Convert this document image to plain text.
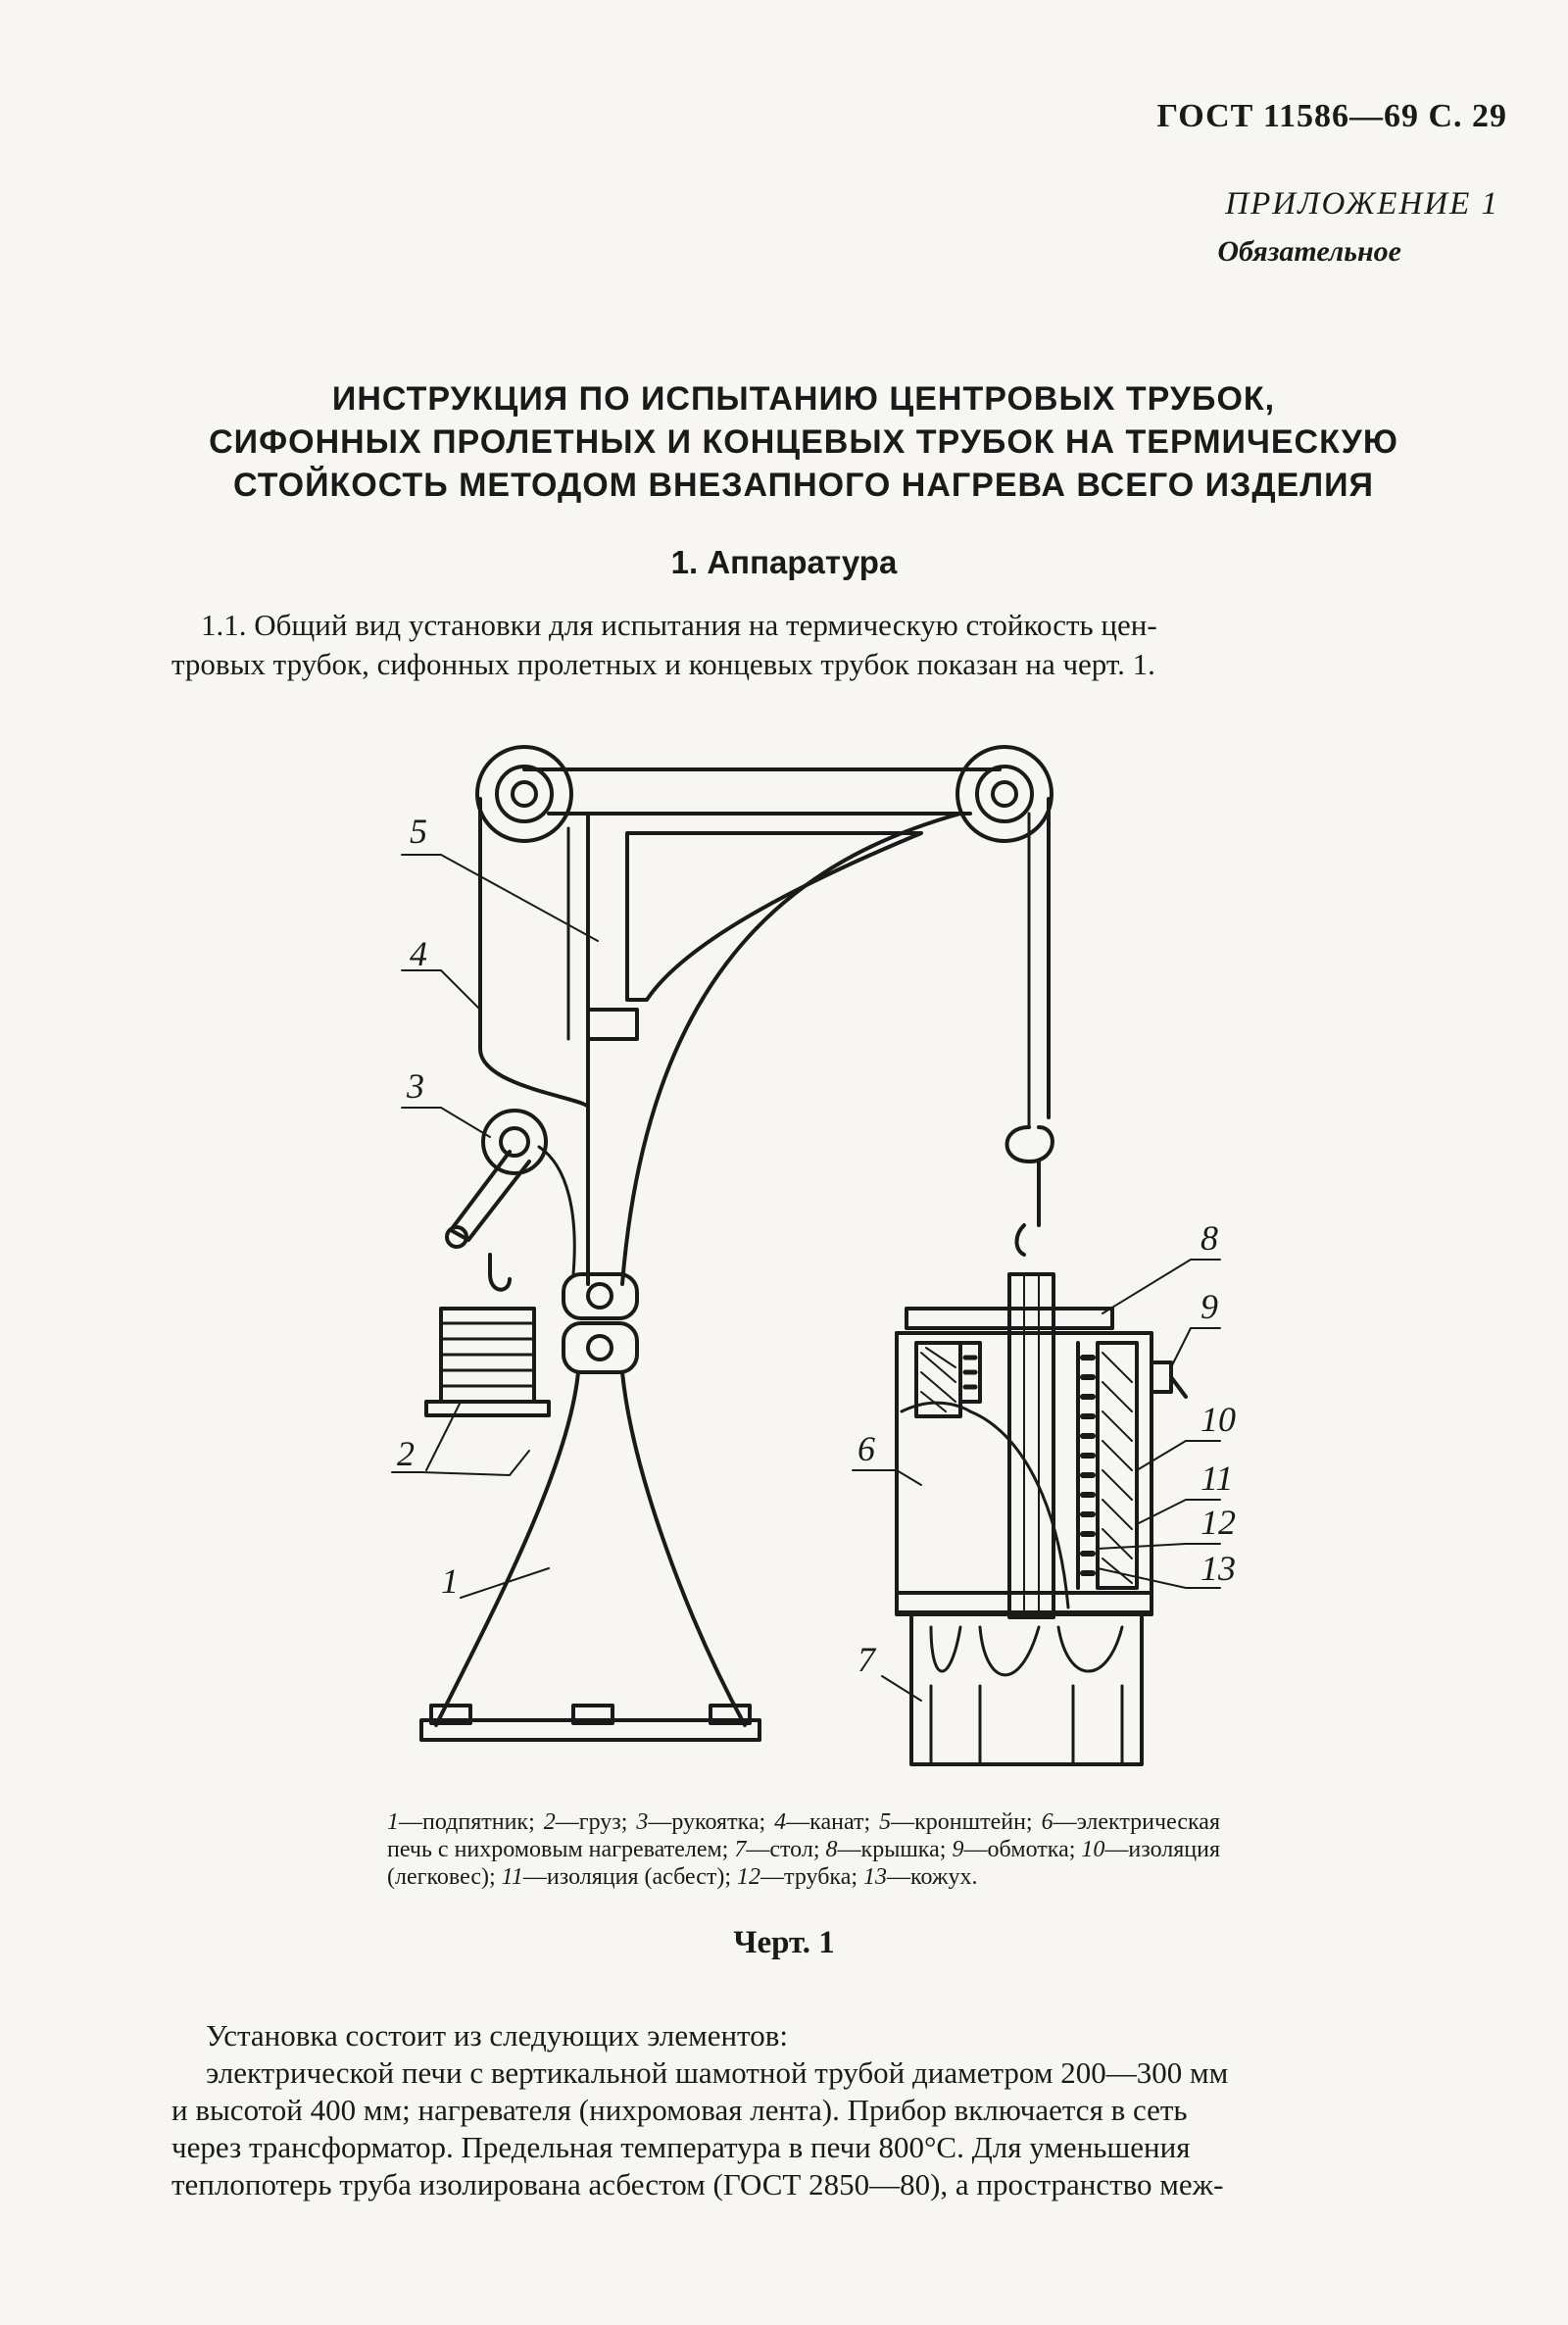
ГОСТ 11586—69 С. 29
ПРИЛОЖЕНИЕ 1
Обязательное
ИНСТРУКЦИЯ ПО ИСПЫТАНИЮ ЦЕНТРОВЫХ ТРУБОК,
СИФОННЫХ ПРОЛЕТНЫХ И КОНЦЕВЫХ ТРУБОК НА ТЕРМИЧЕСКУЮ
СТОЙКОСТЬ МЕТОДОМ ВНЕЗАПНОГО НАГРЕВА ВСЕГО ИЗДЕЛИЯ
1. Аппаратура
1.1. Общий вид установки для испытания на термическую стойкость цен-
тровых трубок, сифонных пролетных и концевых трубок показан на черт. 1.
5
4
3
2
1
6
7
8
9
10
11
12
13
1—подпятник; 2—груз; 3—рукоятка; 4—канат; 5—кронштейн; 6—электрическая печь с нихромовым нагревателем; 7—стол; 8—крышка; 9—обмотка; 10—изоляция (легковес); 11—изоляция (асбест); 12—трубка; 13—кожух.
Черт. 1
Установка состоит из следующих элементов:
электрической печи с вертикальной шамотной трубой диаметром 200—300 мм
и высотой 400 мм; нагревателя (нихромовая лента). Прибор включается в сеть
через трансформатор. Предельная температура в печи 800°С. Для уменьшения
теплопотерь труба изолирована асбестом (ГОСТ 2850—80), а пространство меж-
